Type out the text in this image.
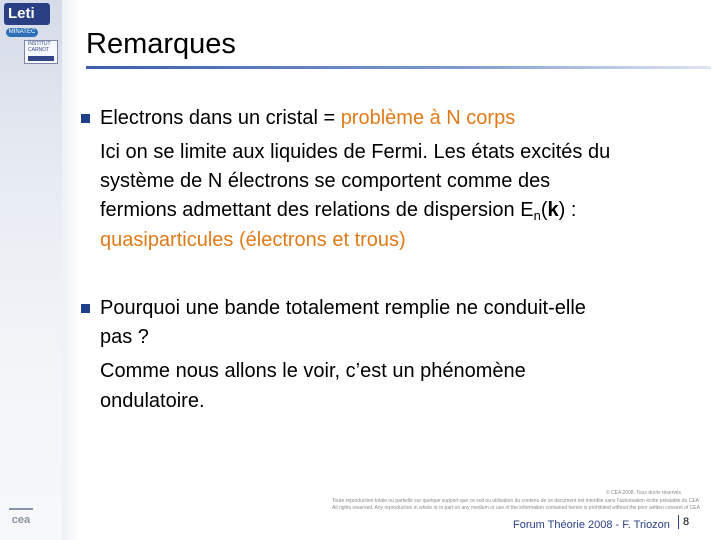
Leti
MINATEC
INSTITUT
CARNOT
cea
Remarques
Electrons dans un cristal = problème à N corps
Ici on se limite aux liquides de Fermi. Les états excités du
système de N électrons se comportent comme des
fermions admettant des relations de dispersion $E_n(k)$ :
quasiparticules (électrons et trous)
Pourquoi une bande totalement remplie ne conduit-elle
pas ?
Comme nous allons le voir, c’est un phénomène
ondulatoire.
© CEA 2008. Tous droits réservés
Toute reproduction totale ou partielle sur quelque support que ce soit ou utilisation du contenu de ce document est interdite sans l'autorisation écrite préalable du CEA
All rights reserved. Any reproduction in whole or in part on any medium or use of the information contained herein is prohibited without the prior written consent of CEA
Forum Théorie 2008 - F. Triozon 8
